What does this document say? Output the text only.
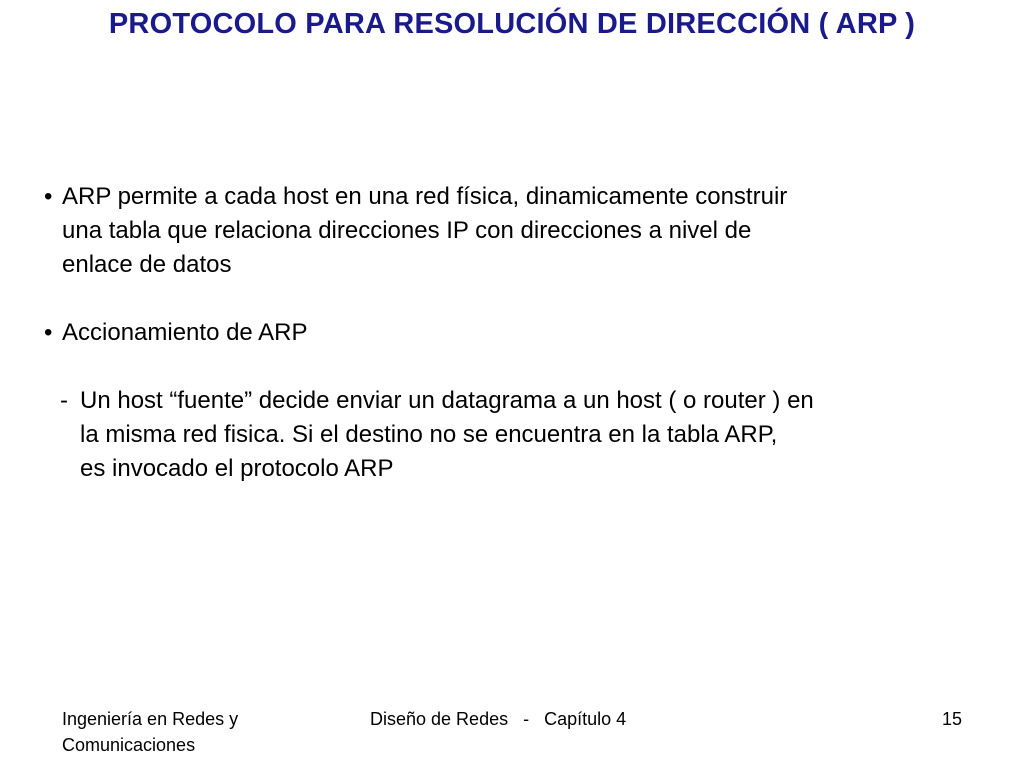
PROTOCOLO PARA RESOLUCIÓN DE DIRECCIÓN ( ARP )
• ARP permite a cada host en una red física, dinamicamente construir
una tabla que relaciona direcciones IP con direcciones a nivel de
enlace de datos
• Accionamiento de ARP
- Un host “fuente” decide enviar un datagrama a un host ( o router ) en
la misma red fisica. Si el destino no se encuentra en la tabla ARP,
es invocado el protocolo ARP
Ingeniería en Redes y
Comunicaciones
Diseño de Redes   -   Capítulo 4	15
